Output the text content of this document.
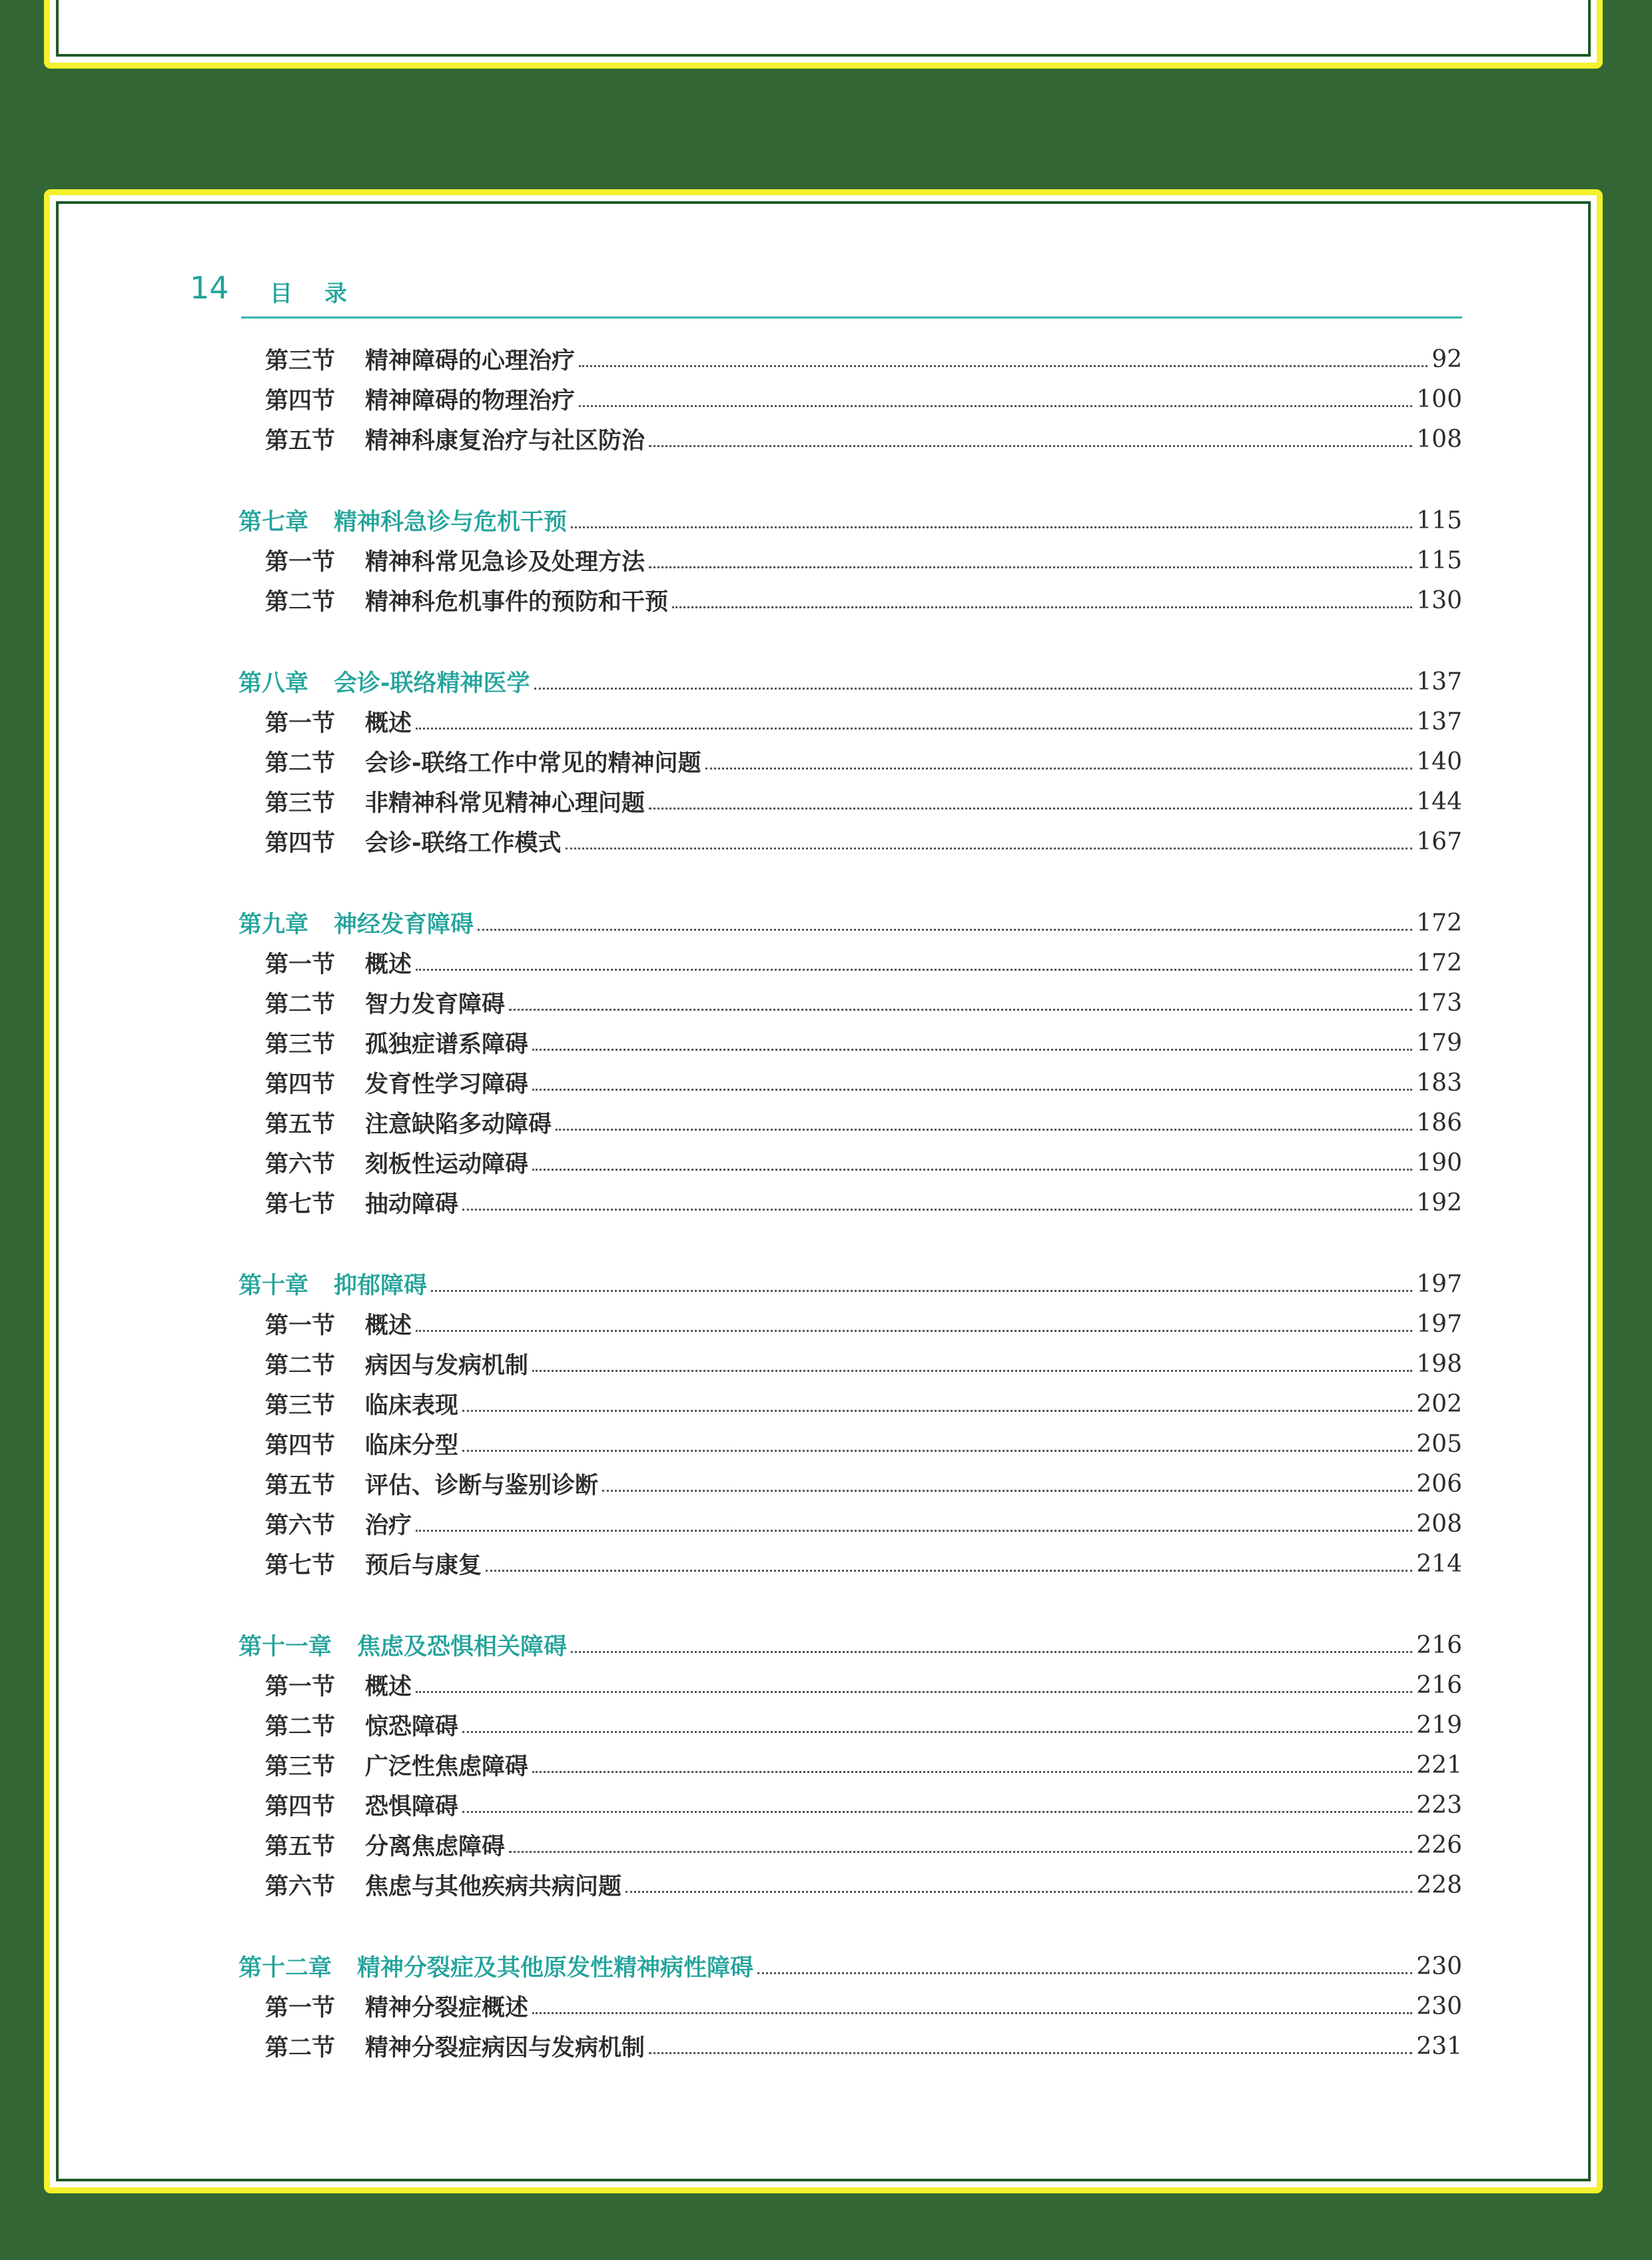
14 目录
第三节	精神障碍的心理治疗	92
第四节	精神障碍的物理治疗	100
第五节	精神科康复治疗与社区防治	108
第七章	精神科急诊与危机干预	115
第一节	精神科常见急诊及处理方法	115
第二节	精神科危机事件的预防和干预	130
第八章	会诊-联络精神医学	137
第一节	概述	137
第二节	会诊-联络工作中常见的精神问题	140
第三节	非精神科常见精神心理问题	144
第四节	会诊-联络工作模式	167
第九章	神经发育障碍	172
第一节	概述	172
第二节	智力发育障碍	173
第三节	孤独症谱系障碍	179
第四节	发育性学习障碍	183
第五节	注意缺陷多动障碍	186
第六节	刻板性运动障碍	190
第七节	抽动障碍	192
第十章	抑郁障碍	197
第一节	概述	197
第二节	病因与发病机制	198
第三节	临床表现	202
第四节	临床分型	205
第五节	评估、诊断与鉴别诊断	206
第六节	治疗	208
第七节	预后与康复	214
第十一章	焦虑及恐惧相关障碍	216
第一节	概述	216
第二节	惊恐障碍	219
第三节	广泛性焦虑障碍	221
第四节	恐惧障碍	223
第五节	分离焦虑障碍	226
第六节	焦虑与其他疾病共病问题	228
第十二章	精神分裂症及其他原发性精神病性障碍	230
第一节	精神分裂症概述	230
第二节	精神分裂症病因与发病机制	231
